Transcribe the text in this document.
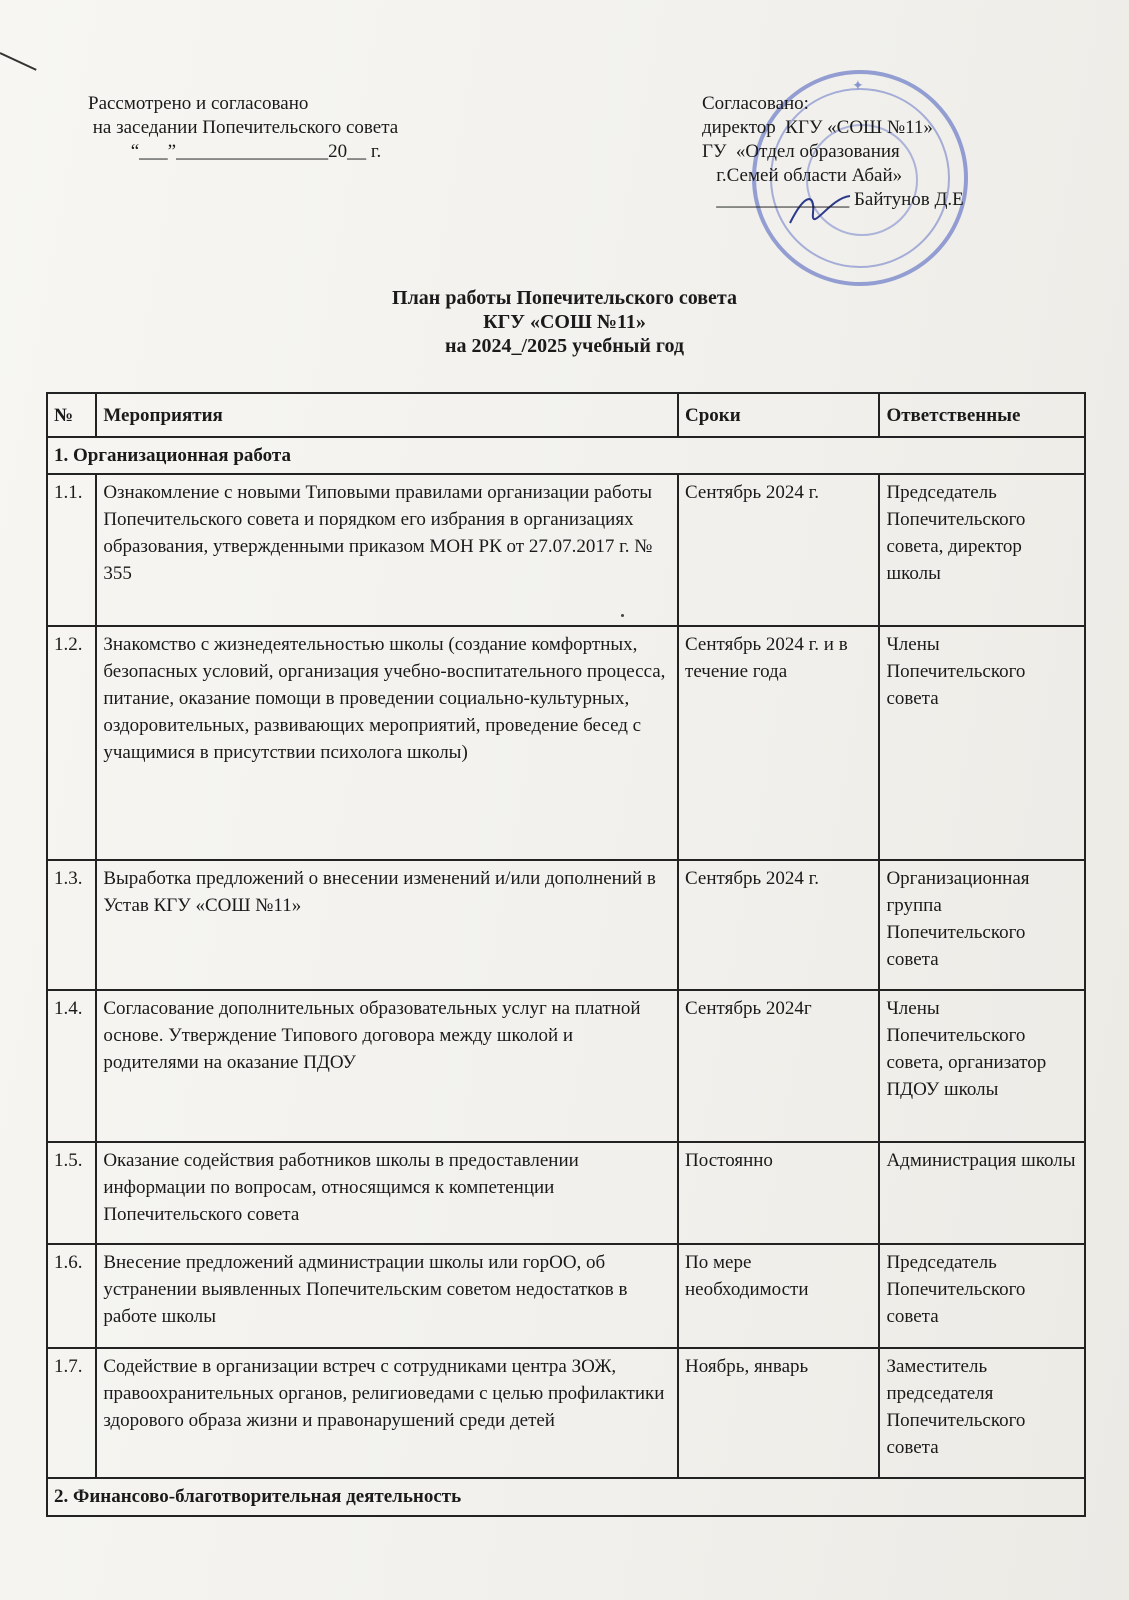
Рассмотрено и согласовано
на заседании Попечительского совета
“___”________________20__ г.
✦
Согласовано:
директор  КГУ «СОШ №11»
ГУ  «Отдел образования
г.Семей области Абай»
______________ Байтунов Д.Е
План работы Попечительского совета
КГУ «СОШ №11»
на 2024_/2025 учебный год
№	Мероприятия	Сроки	Ответственные
1. Организационная работа			
1.1.	Ознакомление с новыми Типовыми правилами организации работы Попечительского совета и порядком его избрания в организациях образования, утвержденными приказом МОН РК от 27.07.2017 г. № 355	Сентябрь 2024 г.	Председатель Попечительского совета, директор школы
1.2.	Знакомство с жизнедеятельностью школы (создание комфортных, безопасных условий, организация учебно-воспитательного процесса, питание, оказание помощи в проведении социально-культурных, оздоровительных, развивающих мероприятий, проведение бесед с учащимися в присутствии психолога школы)	Сентябрь 2024 г. и в течение года	Члены Попечительского совета
1.3.	Выработка предложений о внесении изменений и/или дополнений в Устав КГУ «СОШ №11»	Сентябрь 2024 г.	Организационная группа Попечительского совета
1.4.	Согласование дополнительных образовательных услуг на платной основе. Утверждение Типового договора между школой и родителями на оказание ПДОУ	Сентябрь 2024г	Члены Попечительского совета, организатор ПДОУ школы
1.5.	Оказание содействия работников школы в предоставлении информации по вопросам, относящимся к компетенции Попечительского совета	Постоянно	Администрация школы
1.6.	Внесение предложений администрации школы или горОО, об устранении выявленных Попечительским советом недостатков в работе школы	По мере необходимости	Председатель Попечительского совета
1.7.	Содействие в организации встреч с сотрудниками центра ЗОЖ, правоохранительных органов, религиоведами с целью профилактики здорового образа жизни и правонарушений среди детей	Ноябрь, январь	Заместитель председателя Попечительского совета
2. Финансово-благотворительная деятельность			
